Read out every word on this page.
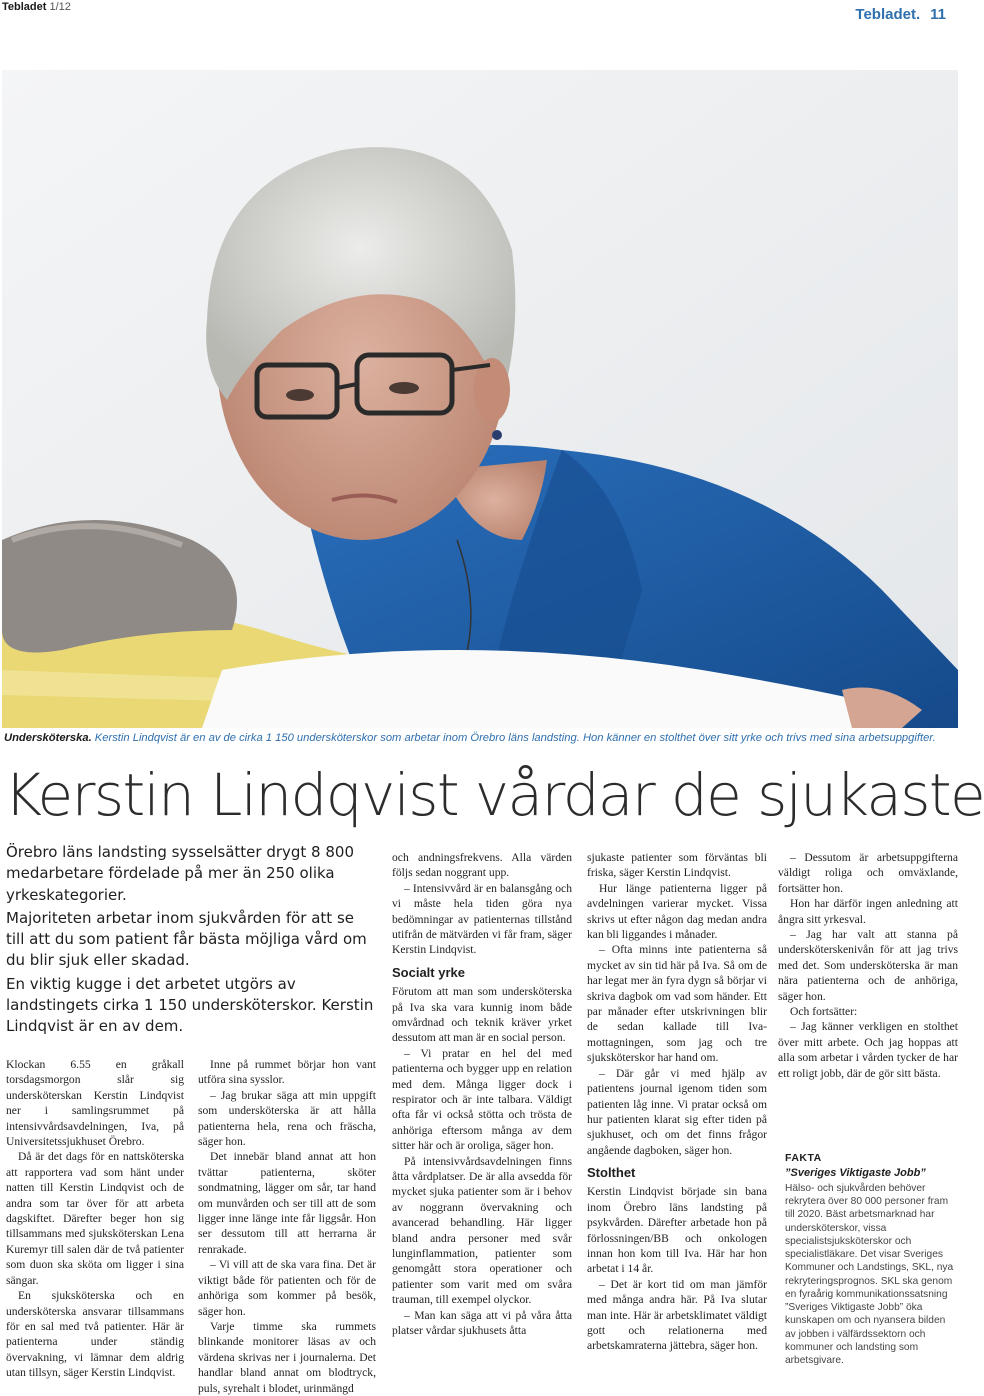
Tebladet 1/12	Tebladet. 11
Undersköterska. Kerstin Lindqvist är en av de cirka 1 150 undersköterskor som arbetar inom Örebro läns landsting. Hon känner en stolthet över sitt yrke och trivs med sina arbetsuppgifter.
Kerstin Lindqvist vårdar de sjukaste

Örebro läns landsting sysselsätter drygt 8 800 medarbetare fördelade på mer än 250 olika yrkeskategorier.

Majoriteten arbetar inom sjukvården för att se till att du som patient får bästa möjliga vård om du blir sjuk eller skadad.

En viktig kugge i det arbetet utgörs av landstingets cirka 1 150 undersköterskor. Kerstin Lindqvist är en av dem.

Klockan 6.55 en gråkall torsdagsmorgon slår sig undersköterskan Kerstin Lindqvist ner i samlingsrummet på intensivvårdsavdelningen, Iva, på Universitetssjukhuset Örebro.

Då är det dags för en nattsköterska att rapportera vad som hänt under natten till Kerstin Lindqvist och de andra som tar över för att arbeta dagskiftet. Därefter beger hon sig tillsammans med sjuksköterskan Lena Kuremyr till salen där de två patienter som duon ska sköta om ligger i sina sängar.

En sjuksköterska och en undersköterska ansvarar tillsammans för en sal med två patienter. Här är patienterna under ständig övervakning, vi lämnar dem aldrig utan tillsyn, säger Kerstin Lindqvist.

Inne på rummet börjar hon vant utföra sina sysslor.

– Jag brukar säga att min uppgift som undersköterska är att hålla patienterna hela, rena och fräscha, säger hon.

Det innebär bland annat att hon tvättar patienterna, sköter sondmatning, lägger om sår, tar hand om munvården och ser till att de som ligger inne länge inte får liggsår. Hon ser dessutom till att herrarna är renrakade.

– Vi vill att de ska vara fina. Det är viktigt både för patienten och för de anhöriga som kommer på besök, säger hon.

Varje timme ska rummets blinkande monitorer läsas av och värdena skrivas ner i journalerna. Det handlar bland annat om blodtryck, puls, syrehalt i blodet, urinmängd

och andningsfrekvens. Alla värden följs sedan noggrant upp.

– Intensivvård är en balansgång och vi måste hela tiden göra nya bedömningar av patienternas tillstånd utifrån de mätvärden vi får fram, säger Kerstin Lindqvist.

Socialt yrke

Förutom att man som undersköterska på Iva ska vara kunnig inom både omvårdnad och teknik kräver yrket dessutom att man är en social person.

– Vi pratar en hel del med patienterna och bygger upp en relation med dem. Många ligger dock i respirator och är inte talbara. Väldigt ofta får vi också stötta och trösta de anhöriga eftersom många av dem sitter här och är oroliga, säger hon.

På intensivvårdsavdelningen finns åtta vårdplatser. De är alla avsedda för mycket sjuka patienter som är i behov av noggrann övervakning och avancerad behandling. Här ligger bland andra personer med svår lunginflammation, patienter som genomgått stora operationer och patienter som varit med om svåra trauman, till exempel olyckor.

– Man kan säga att vi på våra åtta platser vårdar sjukhusets åtta

sjukaste patienter som förväntas bli friska, säger Kerstin Lindqvist.

Hur länge patienterna ligger på avdelningen varierar mycket. Vissa skrivs ut efter någon dag medan andra kan bli liggandes i månader.

– Ofta minns inte patienterna så mycket av sin tid här på Iva. Så om de har legat mer än fyra dygn så börjar vi skriva dagbok om vad som händer. Ett par månader efter utskrivningen blir de sedan kallade till Iva-mottagningen, som jag och tre sjuksköterskor har hand om.

– Där går vi med hjälp av patientens journal igenom tiden som patienten låg inne. Vi pratar också om hur patienten klarat sig efter tiden på sjukhuset, och om det finns frågor angående dagboken, säger hon.

Stolthet

Kerstin Lindqvist började sin bana inom Örebro läns landsting på psykvården. Därefter arbetade hon på förlossningen/BB och onkologen innan hon kom till Iva. Här har hon arbetat i 14 år.

– Det är kort tid om man jämför med många andra här. På Iva slutar man inte. Här är arbetsklimatet väldigt gott och relationerna med arbetskamraterna jättebra, säger hon.

– Dessutom är arbetsuppgifterna väldigt roliga och omväxlande, fortsätter hon.

Hon har därför ingen anledning att ångra sitt yrkesval.

– Jag har valt att stanna på undersköterskenivån för att jag trivs med det. Som undersköterska är man nära patienterna och de anhöriga, säger hon.

Och fortsätter:

– Jag känner verkligen en stolthet över mitt arbete. Och jag hoppas att alla som arbetar i vården tycker de har ett roligt jobb, där de gör sitt bästa.

FAKTA
”Sveriges Viktigaste Jobb”
Hälso- och sjukvården behöver rekrytera över 80 000 personer fram till 2020. Bäst arbetsmarknad har undersköterskor, vissa specialistsjuksköterskor och specialistläkare. Det visar Sveriges Kommuner och Landstings, SKL, nya rekryteringsprognos. SKL ska genom en fyraårig kommunikationssatsning ”Sveriges Viktigaste Jobb” öka kunskapen om och nyansera bilden av jobben i välfärdssektorn och kommuner och landsting som arbetsgivare.
